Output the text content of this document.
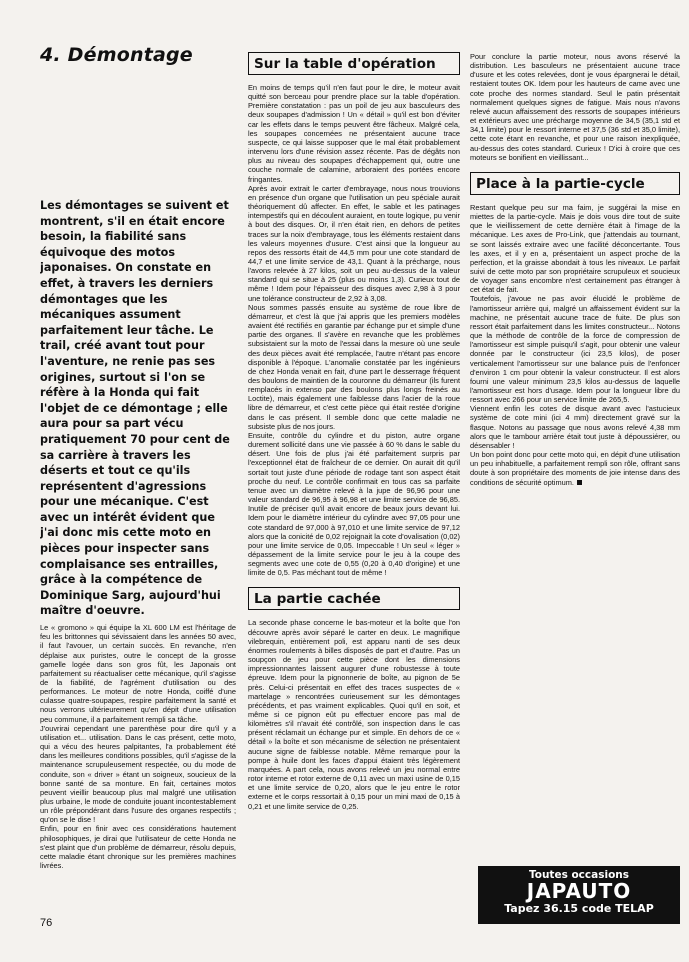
4. Démontage

Les démontages se suivent et montrent, s'il en était encore besoin, la fiabilité sans équivoque des motos japonaises. On constate en effet, à travers les derniers démontages que les mécaniques assument parfaitement leur tâche. Le trail, créé avant tout pour l'aventure, ne renie pas ses origines, surtout si l'on se réfère à la Honda qui fait l'objet de ce démontage ; elle aura pour sa part vécu pratiquement 70 pour cent de sa carrière à travers les déserts et tout ce qu'ils représentent d'agressions pour une mécanique. C'est avec un intérêt évident que j'ai donc mis cette moto en pièces pour inspecter sans complaisance ses entrailles, grâce à la compétence de Dominique Sarg, aujourd'hui maître d'oeuvre.

Le « gromono » qui équipe la XL 600 LM est l'héritage de feu les brittonnes qui sévissaient dans les années 50 avec, il faut l'avouer, un certain succès. En revanche, n'en déplaise aux puristes, outre le concept de la grosse gamelle logée dans son gros fût, les Japonais ont parfaitement su réactualiser cette mécanique, qu'il s'agisse de la fiabilité, de l'agrément d'utilisation ou des performances. Le moteur de notre Honda, coiffé d'une culasse quatre-soupapes, respire parfaitement la santé et nous verrons ultérieurement qu'en dépit d'une utilisation peu commune, il a parfaitement rempli sa tâche.

J'ouvrirai cependant une parenthèse pour dire qu'il y a utilisation et... utilisation. Dans le cas présent, cette moto, qui a vécu des heures palpitantes, l'a probablement été dans les meilleures conditions possibles, qu'il s'agisse de la maintenance scrupuleusement respectée, ou du mode de conduite, son « driver » étant un soigneux, soucieux de la bonne santé de sa monture. En fait, certaines motos peuvent vieillir beaucoup plus mal malgré une utilisation plus urbaine, le mode de conduite jouant incontestablement un rôle prépondérant dans l'usure des organes respectifs ; qu'on se le dise !

Enfin, pour en finir avec ces considérations hautement philosophiques, je dirai que l'utilisateur de cette Honda ne s'est plaint que d'un problème de démarreur, résolu depuis, cette maladie étant chronique sur les premières machines livrées.

Sur la table d'opération

En moins de temps qu'il n'en faut pour le dire, le moteur avait quitté son berceau pour prendre place sur la table d'opération. Première constatation : pas un poil de jeu aux basculeurs des deux soupapes d'admission ! Un « détail » qu'il est bon d'éviter car les effets dans le temps peuvent être fâcheux. Malgré cela, les soupapes concernées ne présentaient aucune trace suspecte, ce qui laisse supposer que le mal était probablement intervenu lors d'une révision assez récente. Pas de dégâts non plus au niveau des soupapes d'échappement qui, outre une couche normale de calamine, arboraient des portées encore fringantes.

Après avoir extrait le carter d'embrayage, nous nous trouvions en présence d'un organe que l'utilisation un peu spéciale aurait théoriquement dû affecter. En effet, le sable et les patinages intempestifs qui en découlent auraient, en toute logique, pu venir à bout des disques. Or, il n'en était rien, en dehors de petites traces sur la noix d'embrayage, tous les éléments restaient dans les valeurs moyennes d'usure. C'est ainsi que la longueur au repos des ressorts était de 44,5 mm pour une cote standard de 44,7 et une limite service de 43,1. Quant à la précharge, nous l'avons relevée à 27 kilos, soit un peu au-dessus de la valeur standard qui se situe à 25 (plus ou moins 1,3). Curieux tout de même ! Idem pour l'épaisseur des disques avec 2,98 à 3 pour une tolérance constructeur de 2,92 à 3,08.

Nous sommes passés ensuite au système de roue libre de démarreur, et c'est là que j'ai appris que les premiers modèles avaient été rectifiés en garantie par échange pur et simple d'une partie des organes. Il s'avère en revanche que les problèmes subsistaient sur la moto de l'essai dans la mesure où une seule des deux pièces avait été remplacée, l'autre n'étant pas encore disponible à l'époque. L'anomalie constatée par les ingénieurs de chez Honda venait en fait, d'une part le desserrage fréquent des boulons de maintien de la couronne du démarreur (ils furent remplacés in extenso par des boulons plus longs freinés au Loctite), mais également une faiblesse dans l'acier de la roue libre de démarreur, et c'est cette pièce qui était restée d'origine dans le cas présent. Il semble donc que cette maladie ne subsiste plus de nos jours.

Ensuite, contrôle du cylindre et du piston, autre organe durement sollicité dans une vie passée à 60 % dans le sable du désert. Une fois de plus j'ai été parfaitement surpris par l'exceptionnel état de fraîcheur de ce dernier. On aurait dit qu'il sortait tout juste d'une période de rodage tant son aspect était proche du neuf. Le contrôle confirmait en tous cas sa parfaite tenue avec un diamètre relevé à la jupe de 96,96 pour une valeur standard de 96,95 à 96,98 et une limite service de 96,85. Inutile de préciser qu'il avait encore de beaux jours devant lui. Idem pour le diamètre intérieur du cylindre avec 97,05 pour une cote standard de 97,000 à 97,010 et une limite service de 97,12 alors que la conicité de 0,02 rejoignait la cote d'ovalisation (0,02) pour une limite service de 0,05. Impeccable ! Un seul « léger » dépassement de la limite service pour le jeu à la coupe des segments avec une cote de 0,55 (0,20 à 0,40 d'origine) et une limite de 0,5. Pas méchant tout de même !

La partie cachée

La seconde phase concerne le bas-moteur et la boîte que l'on découvre après avoir séparé le carter en deux. Le magnifique vilebrequin, entièrement poli, est apparu nanti de ses deux énormes roulements à billes disposés de part et d'autre. Pas un soupçon de jeu pour cette pièce dont les dimensions impressionnantes laissent augurer d'une robustesse à toute épreuve. Idem pour la pignonnerie de boîte, au pignon de 5e près. Celui-ci présentait en effet des traces suspectes de « martelage » rencontrées curieusement sur les démontages précédents, et pas vraiment explicables. Quoi qu'il en soit, et même si ce pignon eût pu effectuer encore pas mal de kilomètres s'il n'avait été contrôlé, son inspection dans le cas présent réclamait un échange pur et simple. En dehors de ce « détail » la boîte et son mécanisme de sélection ne présentaient aucune signe de faiblesse notable. Même remarque pour la pompe à huile dont les faces d'appui étaient très légèrement marquées. A part cela, nous avons relevé un jeu normal entre rotor interne et rotor externe de 0,11 avec un maxi usine de 0,15 et une limite service de 0,20, alors que le jeu entre le rotor externe et le corps ressortait à 0,15 pour un mini maxi de 0,15 à 0,21 et une limite service de 0,25.

Pour conclure la partie moteur, nous avons réservé la distribution. Les basculeurs ne présentaient aucune trace d'usure et les cotes relevées, dont je vous épargnerai le détail, restaient toutes OK. Idem pour les hauteurs de came avec une cote proche des normes standard. Seul le patin présentait normalement quelques signes de fatigue. Mais nous n'avons relevé aucun affaissement des ressorts de soupapes intérieurs et extérieurs avec une précharge moyenne de 34,5 (35,1 std et 34,1 limite) pour le ressort interne et 37,5 (36 std et 35,0 limite), cette cote étant en revanche, et pour une raison inexpliquée, au-dessus des cotes standard. Curieux ! D'ici à croire que ces moteurs se bonifient en vieillissant...

Place à la partie-cycle

Restant quelque peu sur ma faim, je suggérai la mise en miettes de la partie-cycle. Mais je dois vous dire tout de suite que le vieillissement de cette dernière était à l'image de la mécanique. Les axes de Pro-Link, que j'attendais au tournant, se sont laissés extraire avec une facilité déconcertante. Tous les axes, et il y en a, présentaient un aspect proche de la perfection, et la graisse abondait à tous les niveaux. Le parfait suivi de cette moto par son propriétaire scrupuleux et soucieux de voyager sans encombre n'est certainement pas étranger à cet état de fait.

Toutefois, j'avoue ne pas avoir élucidé le problème de l'amortisseur arrière qui, malgré un affaissement évident sur la machine, ne présentait aucune trace de fuite. De plus son ressort était parfaitement dans les limites constructeur... Notons que la méthode de contrôle de la force de compression de l'amortisseur est simple puisqu'il s'agit, pour obtenir une valeur donnée par le constructeur (ici 23,5 kilos), de poser verticalement l'amortisseur sur une balance puis de l'enfoncer d'environ 1 cm pour obtenir la valeur constructeur. Il est alors fourni une valeur minimum 23,5 kilos au-dessus de laquelle l'amortisseur est hors d'usage. Idem pour la longueur libre du ressort avec 266 pour un service limite de 265,5.

Viennent enfin les cotes de disque avant avec l'astucieux système de cote mini (ici 4 mm) directement gravé sur la flasque. Notons au passage que nous avons relevé 4,38 mm alors que le tambour arrière était tout juste à dépoussiérer, ou désensabler !

Un bon point donc pour cette moto qui, en dépit d'une utilisation un peu inhabituelle, a parfaitement rempli son rôle, offrant sans doute à son propriétaire des moments de joie intense dans des conditions de sécurité optimum.

Toutes occasions
JAPAUTO
Tapez 36.15 code TELAP
76
